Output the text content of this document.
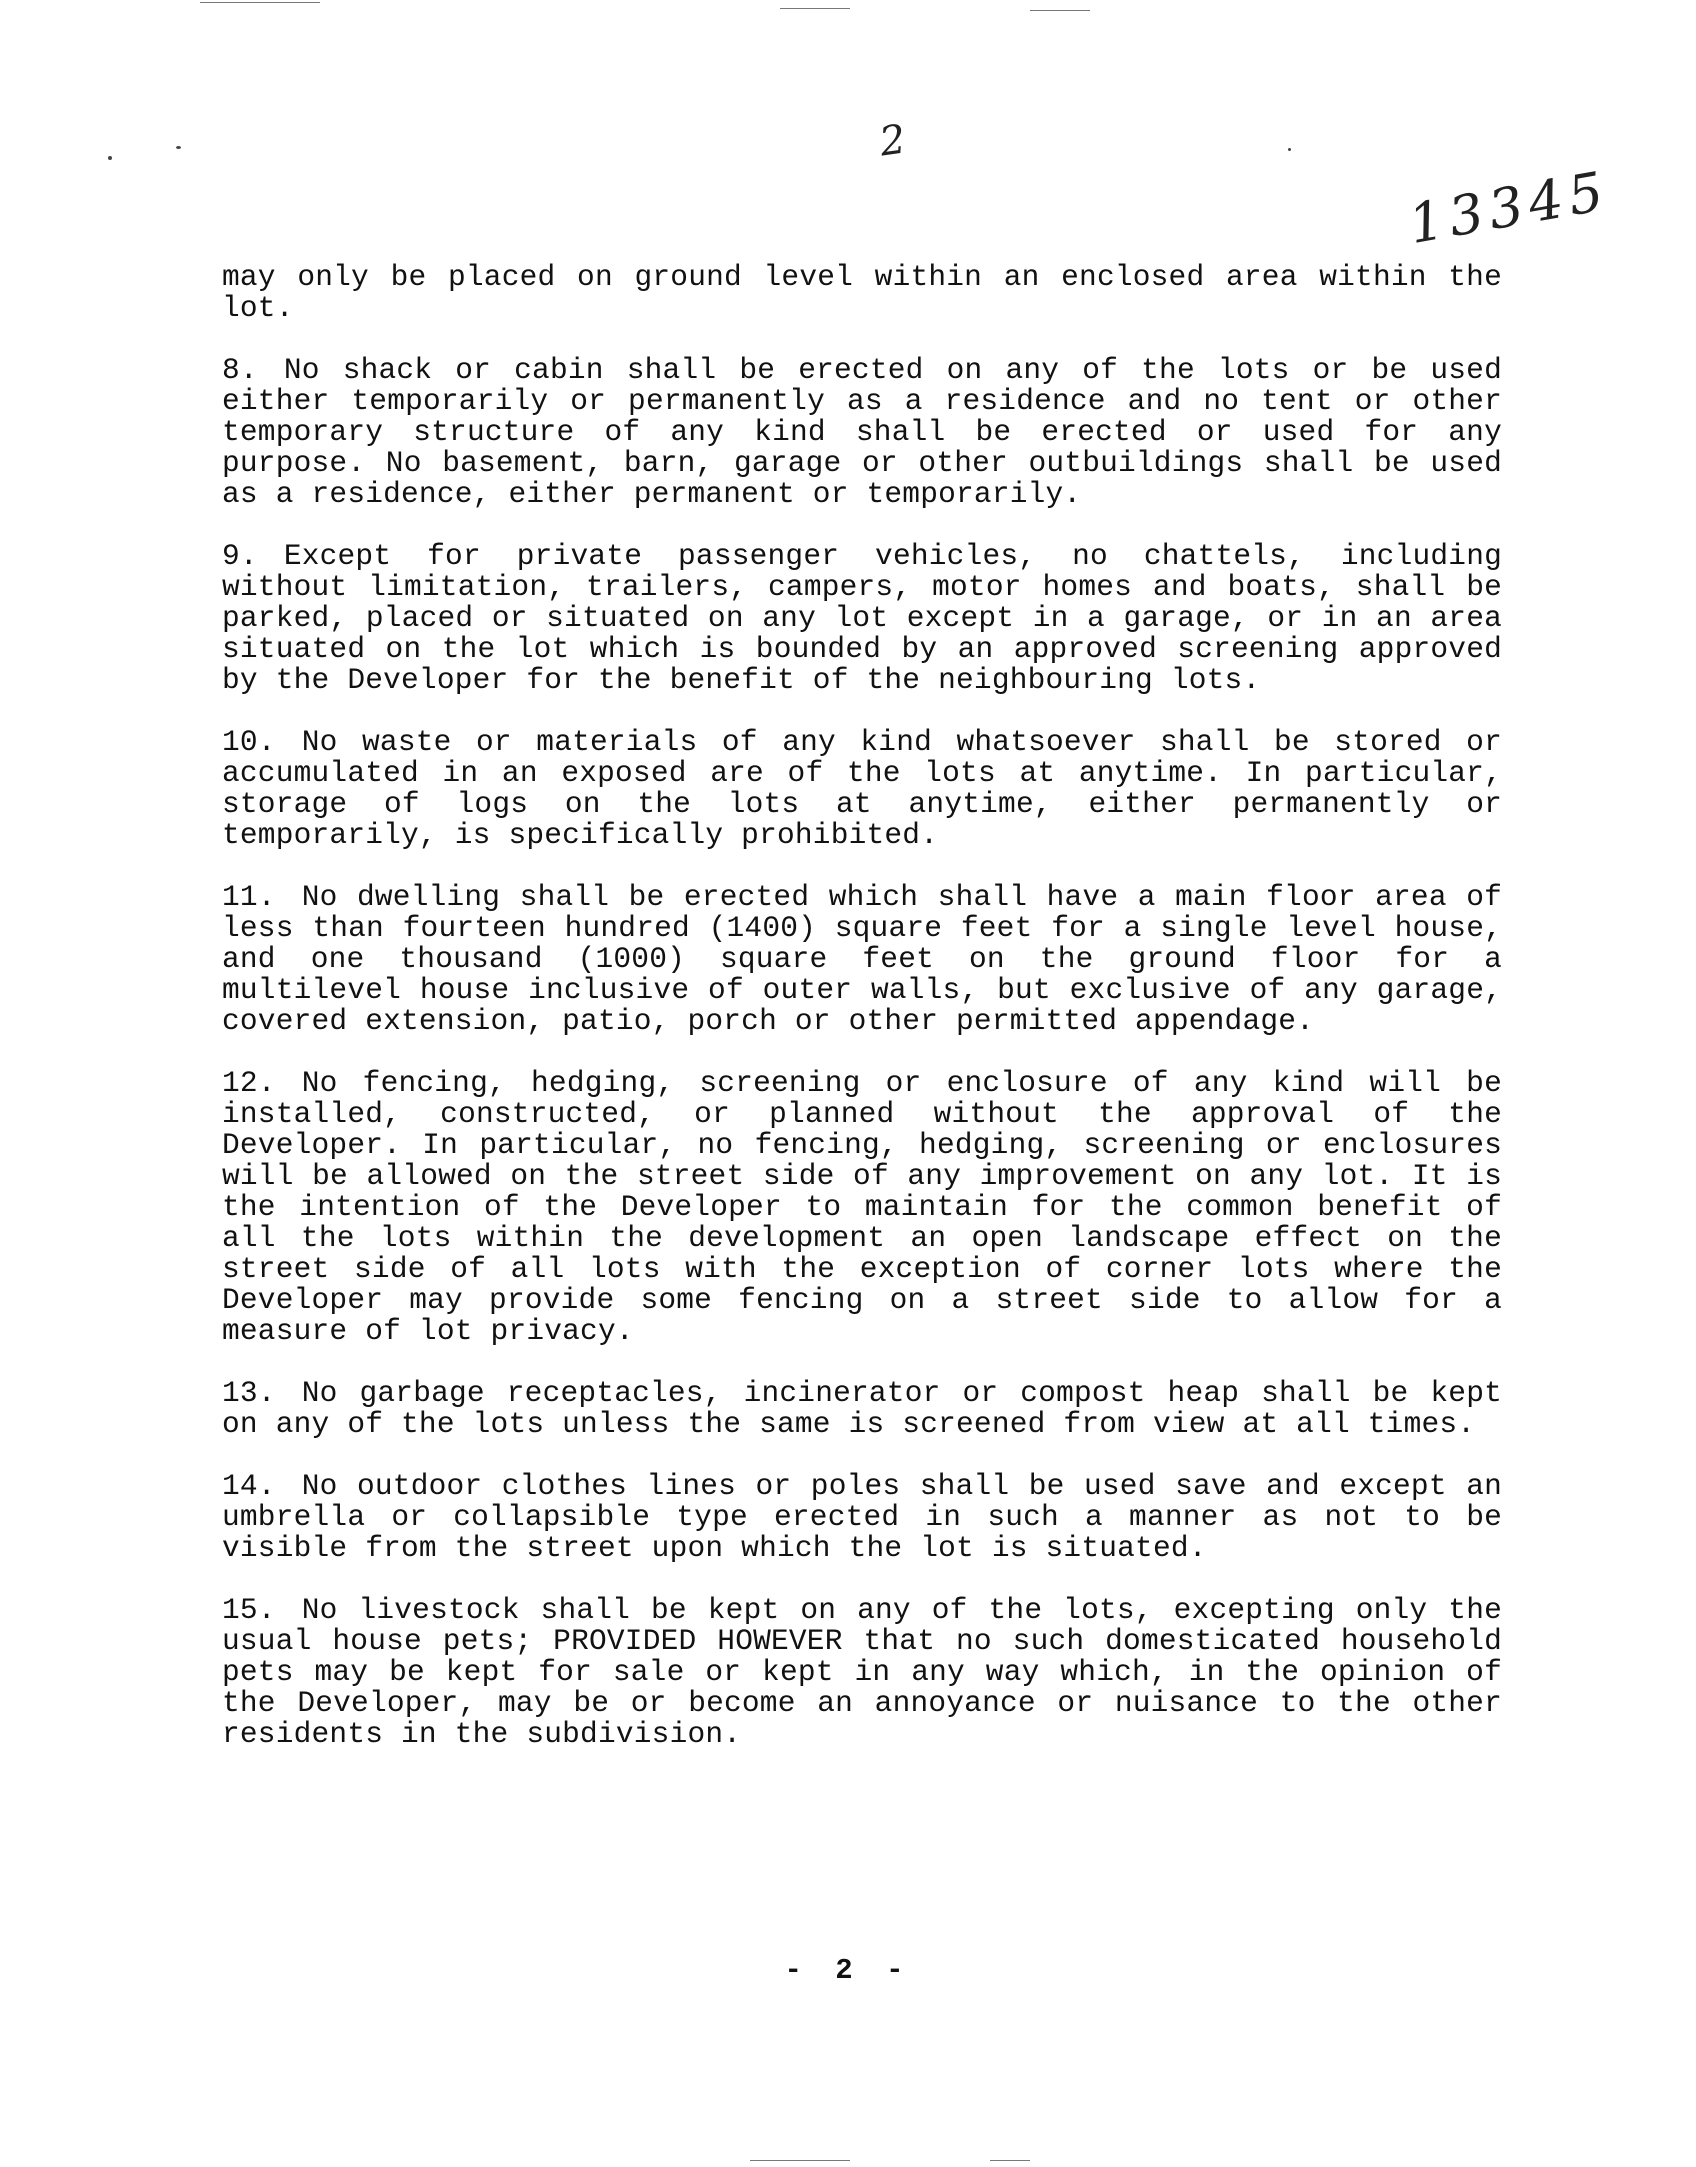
2
13345

may only be placed on ground level within an enclosed area within the lot.

8. No shack or cabin shall be erected on any of the lots or be used either temporarily or permanently as a residence and no tent or other temporary structure of any kind shall be erected or used for any purpose. No basement, barn, garage or other outbuildings shall be used as a residence, either permanent or temporarily.

9. Except for private passenger vehicles, no chattels, including without limitation, trailers, campers, motor homes and boats, shall be parked, placed or situated on any lot except in a garage, or in an area situated on the lot which is bounded by an approved screening approved by the Developer for the benefit of the neighbouring lots.

10. No waste or materials of any kind whatsoever shall be stored or accumulated in an exposed are of the lots at anytime. In particular, storage of logs on the lots at anytime, either permanently or temporarily, is specifically prohibited.

11. No dwelling shall be erected which shall have a main floor area of less than fourteen hundred (1400) square feet for a single level house, and one thousand (1000) square feet on the ground floor for a multilevel house inclusive of outer walls, but exclusive of any garage, covered extension, patio, porch or other permitted appendage.

12. No fencing, hedging, screening or enclosure of any kind will be installed, constructed, or planned without the approval of the Developer. In particular, no fencing, hedging, screening or enclosures will be allowed on the street side of any improvement on any lot. It is the intention of the Developer to maintain for the common benefit of all the lots within the development an open landscape effect on the street side of all lots with the exception of corner lots where the Developer may provide some fencing on a street side to allow for a measure of lot privacy.

13. No garbage receptacles, incinerator or compost heap shall be kept on any of the lots unless the same is screened from view at all times.

14. No outdoor clothes lines or poles shall be used save and except an umbrella or collapsible type erected in such a manner as not to be visible from the street upon which the lot is situated.

15. No livestock shall be kept on any of the lots, excepting only the usual house pets; PROVIDED HOWEVER that no such domesticated household pets may be kept for sale or kept in any way which, in the opinion of the Developer, may be or become an annoyance or nuisance to the other residents in the subdivision.

- 2 -
